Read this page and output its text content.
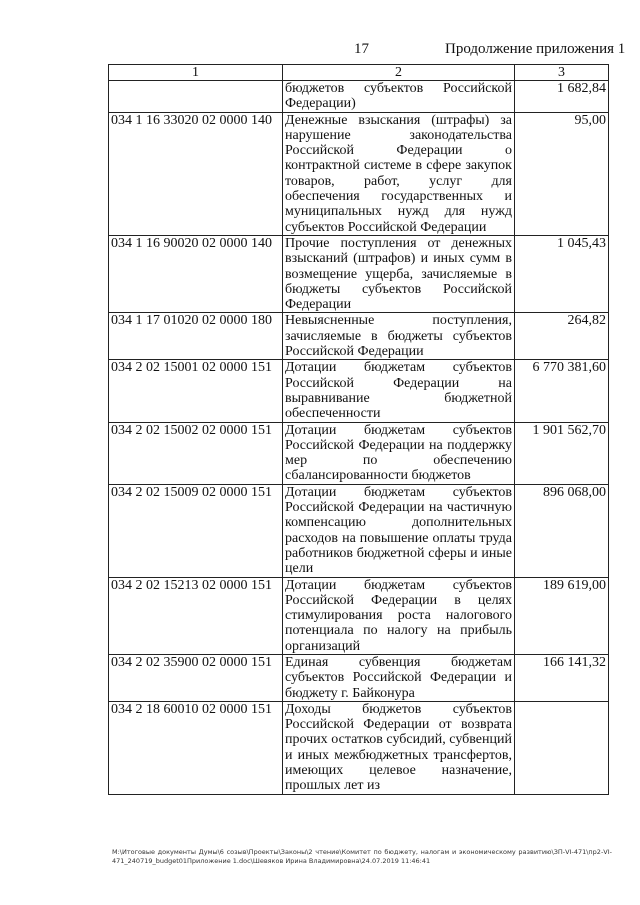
17	Продолжение приложения 1
1	2	3
	бюджетов субъектов Российской Федерации)	1 682,84
034 1 16 33020 02 0000 140	Денежные взыскания (штрафы) за нарушение законодательства Российской Федерации о контрактной системе в сфере закупок товаров, работ, услуг для обеспечения государственных и муниципальных нужд для нужд субъектов Российской Федерации	95,00
034 1 16 90020 02 0000 140	Прочие поступления от денежных взысканий (штрафов) и иных сумм в возмещение ущерба, зачисляемые в бюджеты субъектов Российской Федерации	1 045,43
034 1 17 01020 02 0000 180	Невыясненные поступления, зачисляемые в бюджеты субъектов Российской Федерации	264,82
034 2 02 15001 02 0000 151	Дотации бюджетам субъектов Российской Федерации на выравнивание бюджетной обеспеченности	6 770 381,60
034 2 02 15002 02 0000 151	Дотации бюджетам субъектов Российской Федерации на поддержку мер по обеспечению сбалансированности бюджетов	1 901 562,70
034 2 02 15009 02 0000 151	Дотации бюджетам субъектов Российской Федерации на частичную компенсацию дополнительных расходов на повышение оплаты труда работников бюджетной сферы и иные цели	896 068,00
034 2 02 15213 02 0000 151	Дотации бюджетам субъектов Российской Федерации в целях стимулирования роста налогового потенциала по налогу на прибыль организаций	189 619,00
034 2 02 35900 02 0000 151	Единая субвенция бюджетам субъектов Российской Федерации и бюджету г. Байконура	166 141,32
034 2 18 60010 02 0000 151	Доходы бюджетов субъектов Российской Федерации от возврата прочих остатков субсидий, субвенций и иных межбюджетных трансфертов, имеющих целевое назначение, прошлых лет из	
M:\Итоговые документы Думы\6 созыв\Проекты\Законы\2 чтение\Комитет по бюджету, налогам и экономическому развитию\ЗП-VI-471\пр2-VI-471_240719_budget01Приложение 1.doc\Шевяков Ирина Владимировна\24.07.2019 11:46:41
